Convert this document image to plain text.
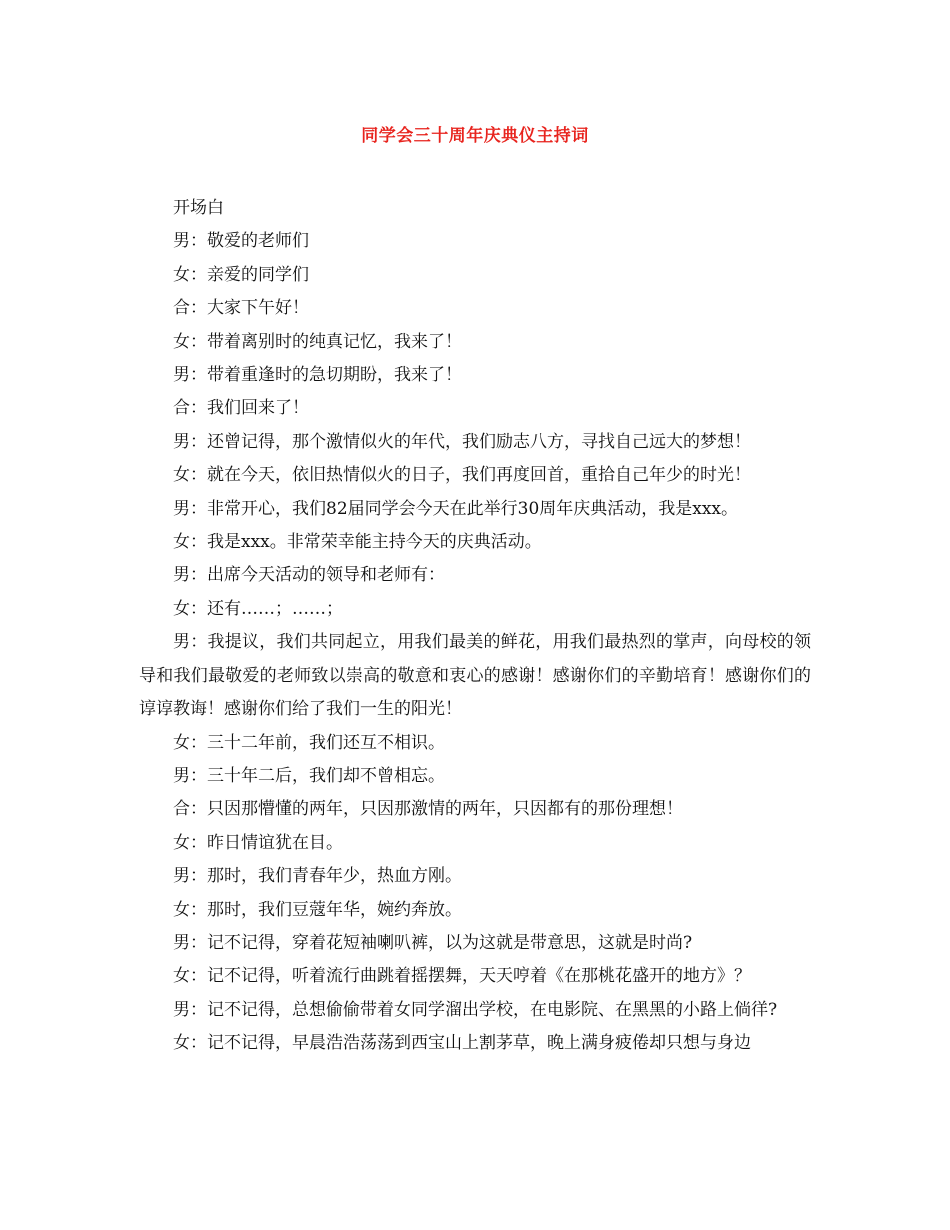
同学会三十周年庆典仪主持词

开场白

男：敬爱的老师们

女：亲爱的同学们

合：大家下午好！

女：带着离别时的纯真记忆，我来了！

男：带着重逢时的急切期盼，我来了！

合：我们回来了！

男：还曾记得，那个激情似火的年代，我们励志八方，寻找自己远大的梦想！

女：就在今天，依旧热情似火的日子，我们再度回首，重拾自己年少的时光！

男：非常开心，我们82届同学会今天在此举行30周年庆典活动，我是xxx。

女：我是xxx。非常荣幸能主持今天的庆典活动。

男：出席今天活动的领导和老师有：

女：还有……；……；

男：我提议，我们共同起立，用我们最美的鲜花，用我们最热烈的掌声，向母校的领导和我们最敬爱的老师致以崇高的敬意和衷心的感谢！感谢你们的辛勤培育！感谢你们的谆谆教诲！感谢你们给了我们一生的阳光！

女：三十二年前，我们还互不相识。

男：三十年二后，我们却不曾相忘。

合：只因那懵懂的两年，只因那激情的两年，只因都有的那份理想！

女：昨日情谊犹在目。

男：那时，我们青春年少，热血方刚。

女：那时，我们豆蔻年华，婉约奔放。

男：记不记得，穿着花短袖喇叭裤，以为这就是带意思，这就是时尚?

女：记不记得，听着流行曲跳着摇摆舞，天天哼着《在那桃花盛开的地方》？

男：记不记得，总想偷偷带着女同学溜出学校，在电影院、在黑黑的小路上倘徉?

女：记不记得，早晨浩浩荡荡到西宝山上割茅草，晚上满身疲倦却只想与身边
